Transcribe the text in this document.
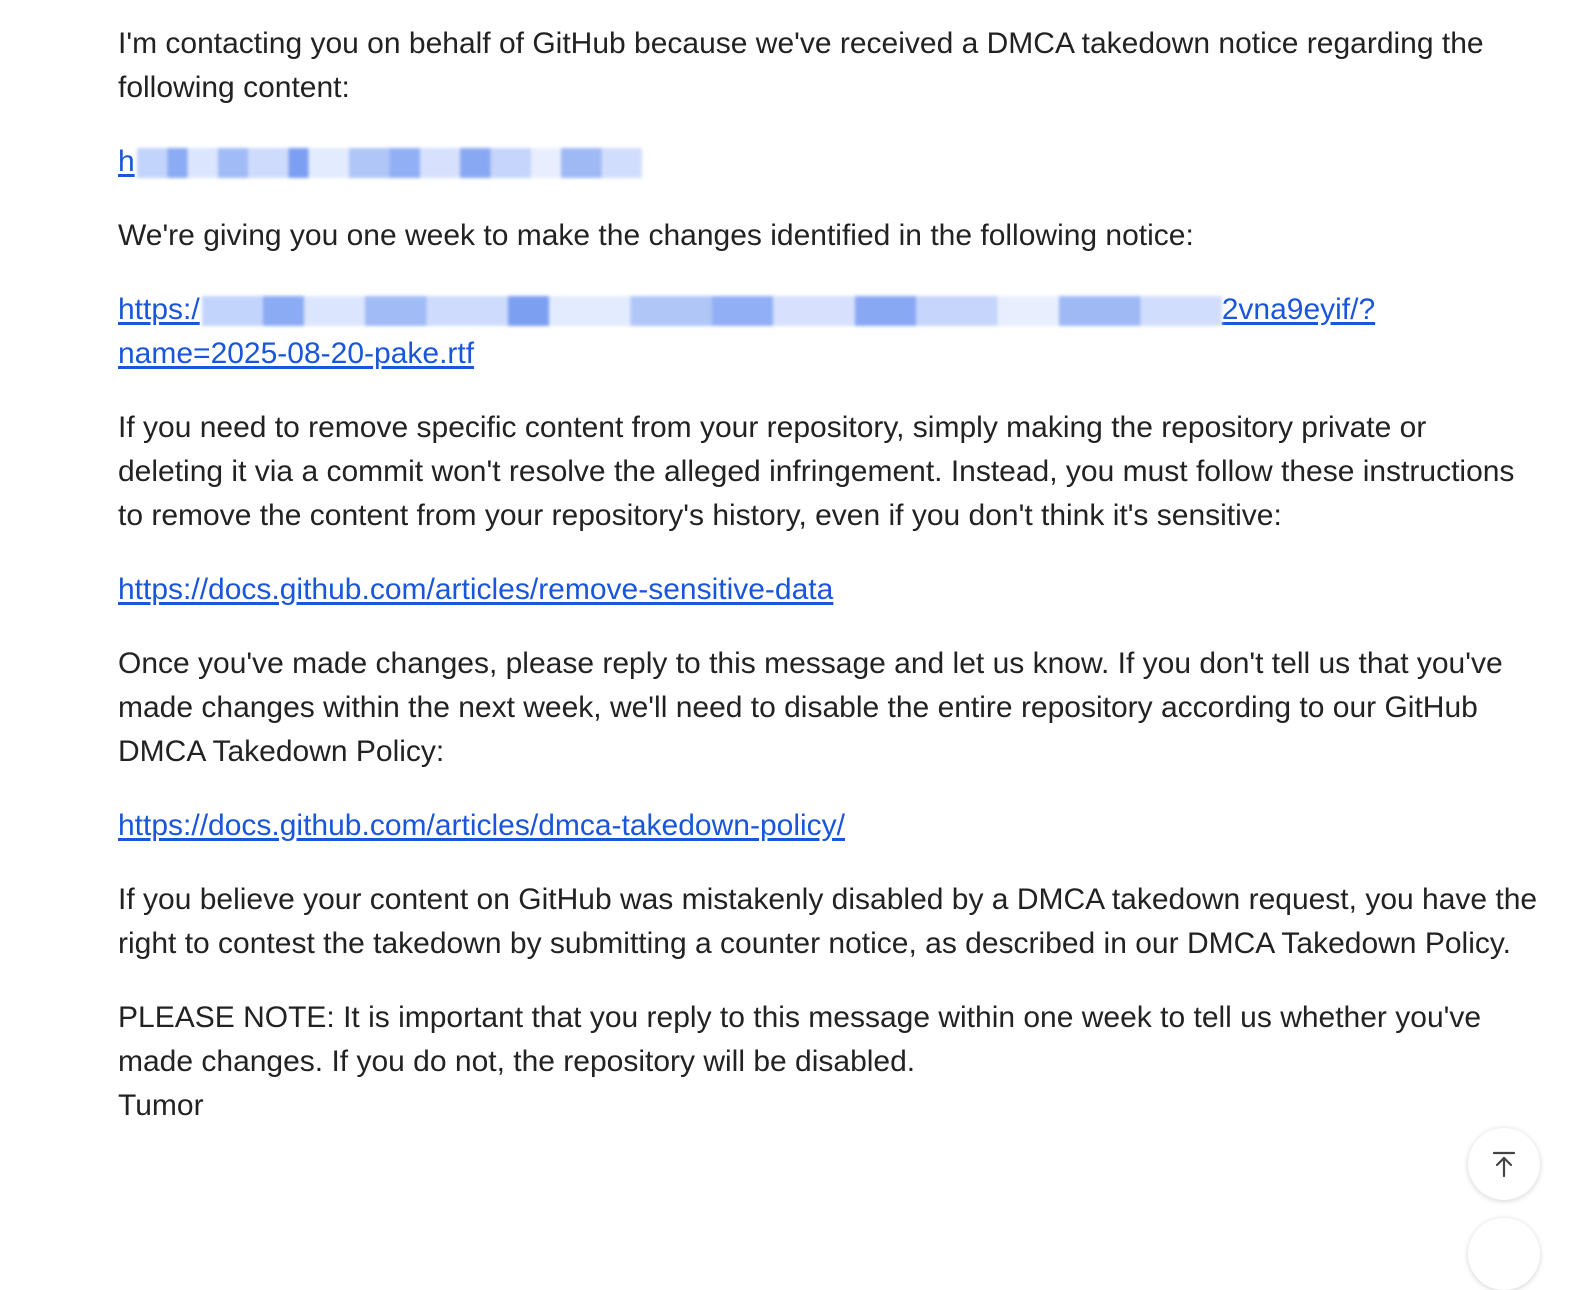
I'm contacting you on behalf of GitHub because we've received a DMCA takedown notice regarding the following content:

h

We're giving you one week to make the changes identified in the following notice:

https:/	2vna9eyif/?
name=2025-08-20-pake.rtf

If you need to remove specific content from your repository, simply making the repository private or deleting it via a commit won't resolve the alleged infringement. Instead, you must follow these instructions to remove the content from your repository's history, even if you don't think it's sensitive:

https://docs.github.com/articles/remove-sensitive-data

Once you've made changes, please reply to this message and let us know. If you don't tell us that you've made changes within the next week, we'll need to disable the entire repository according to our GitHub DMCA Takedown Policy:

https://docs.github.com/articles/dmca-takedown-policy/

If you believe your content on GitHub was mistakenly disabled by a DMCA takedown request, you have the right to contest the takedown by submitting a counter notice, as described in our DMCA Takedown Policy.

PLEASE NOTE: It is important that you reply to this message within one week to tell us whether you've made changes. If you do not, the repository will be disabled.

Tumor
